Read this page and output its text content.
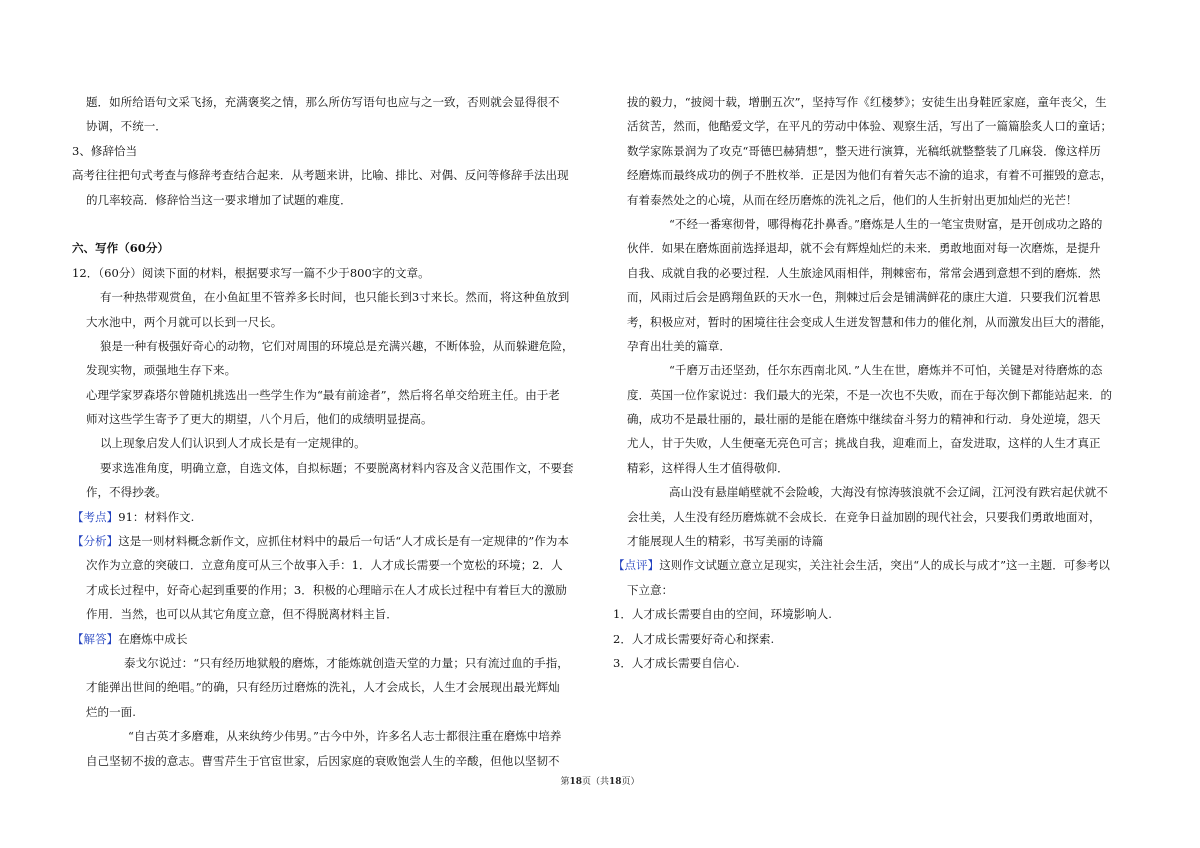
题．如所给语句文采飞扬，充满褒奖之情，那么所仿写语句也应与之一致，否则就会显得很不
协调，不统一．
3、修辞恰当
高考往往把句式考查与修辞考查结合起来．从考题来讲，比喻、排比、对偶、反问等修辞手法出现
的几率较高．修辞恰当这一要求增加了试题的难度．
六、写作（60分）
12．（60分）阅读下面的材料，根据要求写一篇不少于800字的文章。
有一种热带观赏鱼，在小鱼缸里不管养多长时间，也只能长到3寸来长。然而，将这种鱼放到
大水池中，两个月就可以长到一尺长。
狼是一种有极强好奇心的动物，它们对周围的环境总是充满兴趣，不断体验，从而躲避危险，
发现实物，顽强地生存下来。
心理学家罗森塔尔曾随机挑选出一些学生作为“最有前途者”，然后将名单交给班主任。由于老
师对这些学生寄予了更大的期望，八个月后，他们的成绩明显提高。
以上现象启发人们认识到人才成长是有一定规律的。
要求选准角度，明确立意，自选文体，自拟标题；不要脱离材料内容及含义范围作文，不要套
作，不得抄袭。
【考点】91：材料作文.
【分析】这是一则材料概念新作文，应抓住材料中的最后一句话“人才成长是有一定规律的”作为本
次作为立意的突破口．立意角度可从三个故事入手：1．人才成长需要一个宽松的环境；2．人
才成长过程中，好奇心起到重要的作用；3．积极的心理暗示在人才成长过程中有着巨大的激励
作用．当然，也可以从其它角度立意，但不得脱离材料主旨．
【解答】在磨炼中成长
泰戈尔说过：“只有经历地狱般的磨炼，才能炼就创造天堂的力量；只有流过血的手指，
才能弹出世间的绝唱。”的确，只有经历过磨炼的洗礼，人才会成长，人生才会展现出最光辉灿
烂的一面.
“自古英才多磨难，从来纨绔少伟男。”古今中外，许多名人志士都很注重在磨炼中培养
自己坚韧不拔的意志。曹雪芹生于官宦世家，后因家庭的衰败饱尝人生的辛酸，但他以坚韧不
拔的毅力，“披阅十载，增删五次”，坚持写作《红楼梦》；安徒生出身鞋匠家庭，童年丧父，生
活贫苦，然而，他酷爱文学，在平凡的劳动中体验、观察生活，写出了一篇篇脍炙人口的童话；
数学家陈景润为了攻克“哥德巴赫猜想”，整天进行演算，光稿纸就整整装了几麻袋．像这样历
经磨炼而最终成功的例子不胜枚举．正是因为他们有着矢志不渝的追求，有着不可摧毁的意志，
有着泰然处之的心境，从而在经历磨炼的洗礼之后，他们的人生折射出更加灿烂的光芒！
“不经一番寒彻骨，哪得梅花扑鼻香。”磨炼是人生的一笔宝贵财富，是开创成功之路的
伙伴．如果在磨炼面前选择退却，就不会有辉煌灿烂的未来．勇敢地面对每一次磨炼，是提升
自我、成就自我的必要过程．人生旅途风雨相伴，荆棘密布，常常会遇到意想不到的磨炼．然
而，风雨过后会是鸥翔鱼跃的天水一色，荆棘过后会是铺满鲜花的康庄大道．只要我们沉着思
考，积极应对，暂时的困境往往会变成人生迸发智慧和伟力的催化剂，从而激发出巨大的潜能，
孕育出壮美的篇章．
“千磨万击还坚劲，任尔东西南北风．”人生在世，磨炼并不可怕，关键是对待磨炼的态
度．英国一位作家说过：我们最大的光荣，不是一次也不失败，而在于每次倒下都能站起来．的
确，成功不是最壮丽的，最壮丽的是能在磨炼中继续奋斗努力的精神和行动．身处逆境，怨天
尤人，甘于失败，人生便毫无亮色可言；挑战自我，迎难而上，奋发进取，这样的人生才真正
精彩，这样得人生才值得敬仰．
高山没有悬崖峭壁就不会险峻，大海没有惊涛骇浪就不会辽阔，江河没有跌宕起伏就不
会壮美，人生没有经历磨炼就不会成长．在竞争日益加剧的现代社会，只要我们勇敢地面对，
才能展现人生的精彩，书写美丽的诗篇
【点评】这则作文试题立意立足现实，关注社会生活，突出“人的成长与成才”这一主题．可参考以
下立意：
1．人才成长需要自由的空间，环境影响人.
2．人才成长需要好奇心和探索.
3．人才成长需要自信心.
第18页（共18页）
